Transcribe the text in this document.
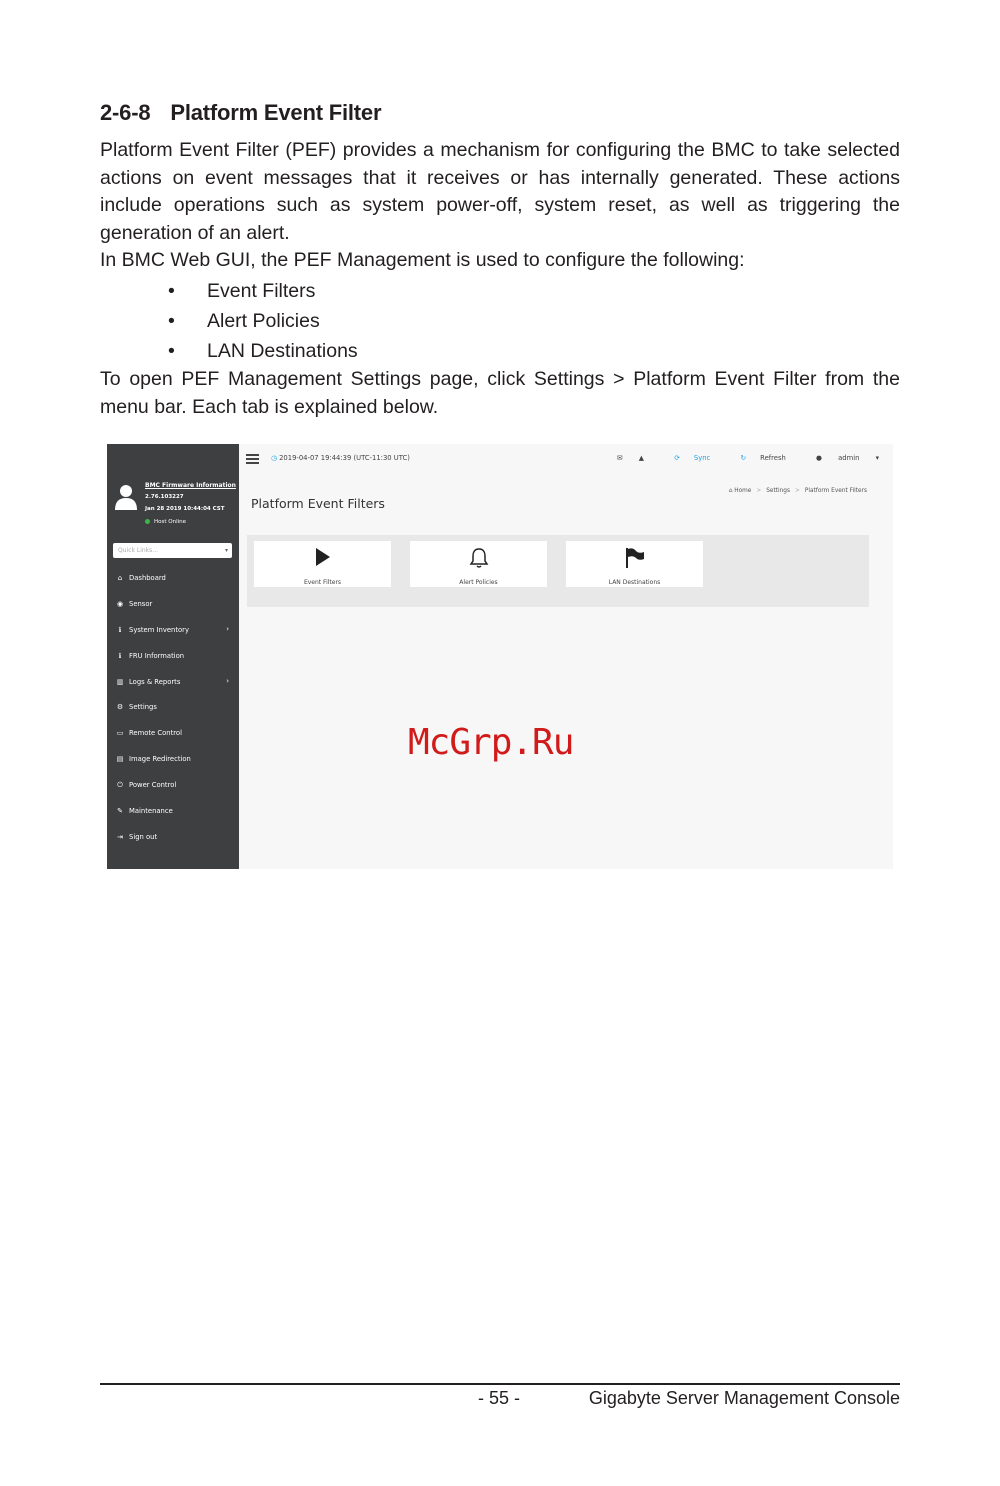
2-6-8 Platform Event Filter
Platform Event Filter (PEF) provides a mechanism for configuring the BMC to take selected actions on event messages that it receives or has internally generated. These actions include operations such as system power-off, system reset, as well as triggering the generation of an alert.
In BMC Web GUI, the PEF Management is used to configure the following:
• Event Filters
• Alert Policies
• LAN Destinations
To open PEF Management Settings page, click Settings > Platform Event Filter from the menu bar. Each tab is explained below.
BMC Firmware Information
2.76.103227
Jan 28 2019 10:44:04 CST
Host Online
Quick Links...	▾
⌂ Dashboard
◉ Sensor
ℹ	System Inventory	›
ℹ	FRU Information
▥ Logs & Reports	›
⚙ Settings
▭ Remote Control
▤ Image Redirection
⏻ Power Control
✎ Maintenance
⇥ Sign out
◷ 2019-04-07 19:44:39 (UTC-11:30 UTC)	✉ ▲	⟳ Sync	↻ Refresh	● admin ▾
⌂ Home > Settings > Platform Event Filters
Platform Event Filters
Event Filters	Alert Policies	LAN Destinations
McGrp.Ru
- 55 -	Gigabyte Server Management Console
